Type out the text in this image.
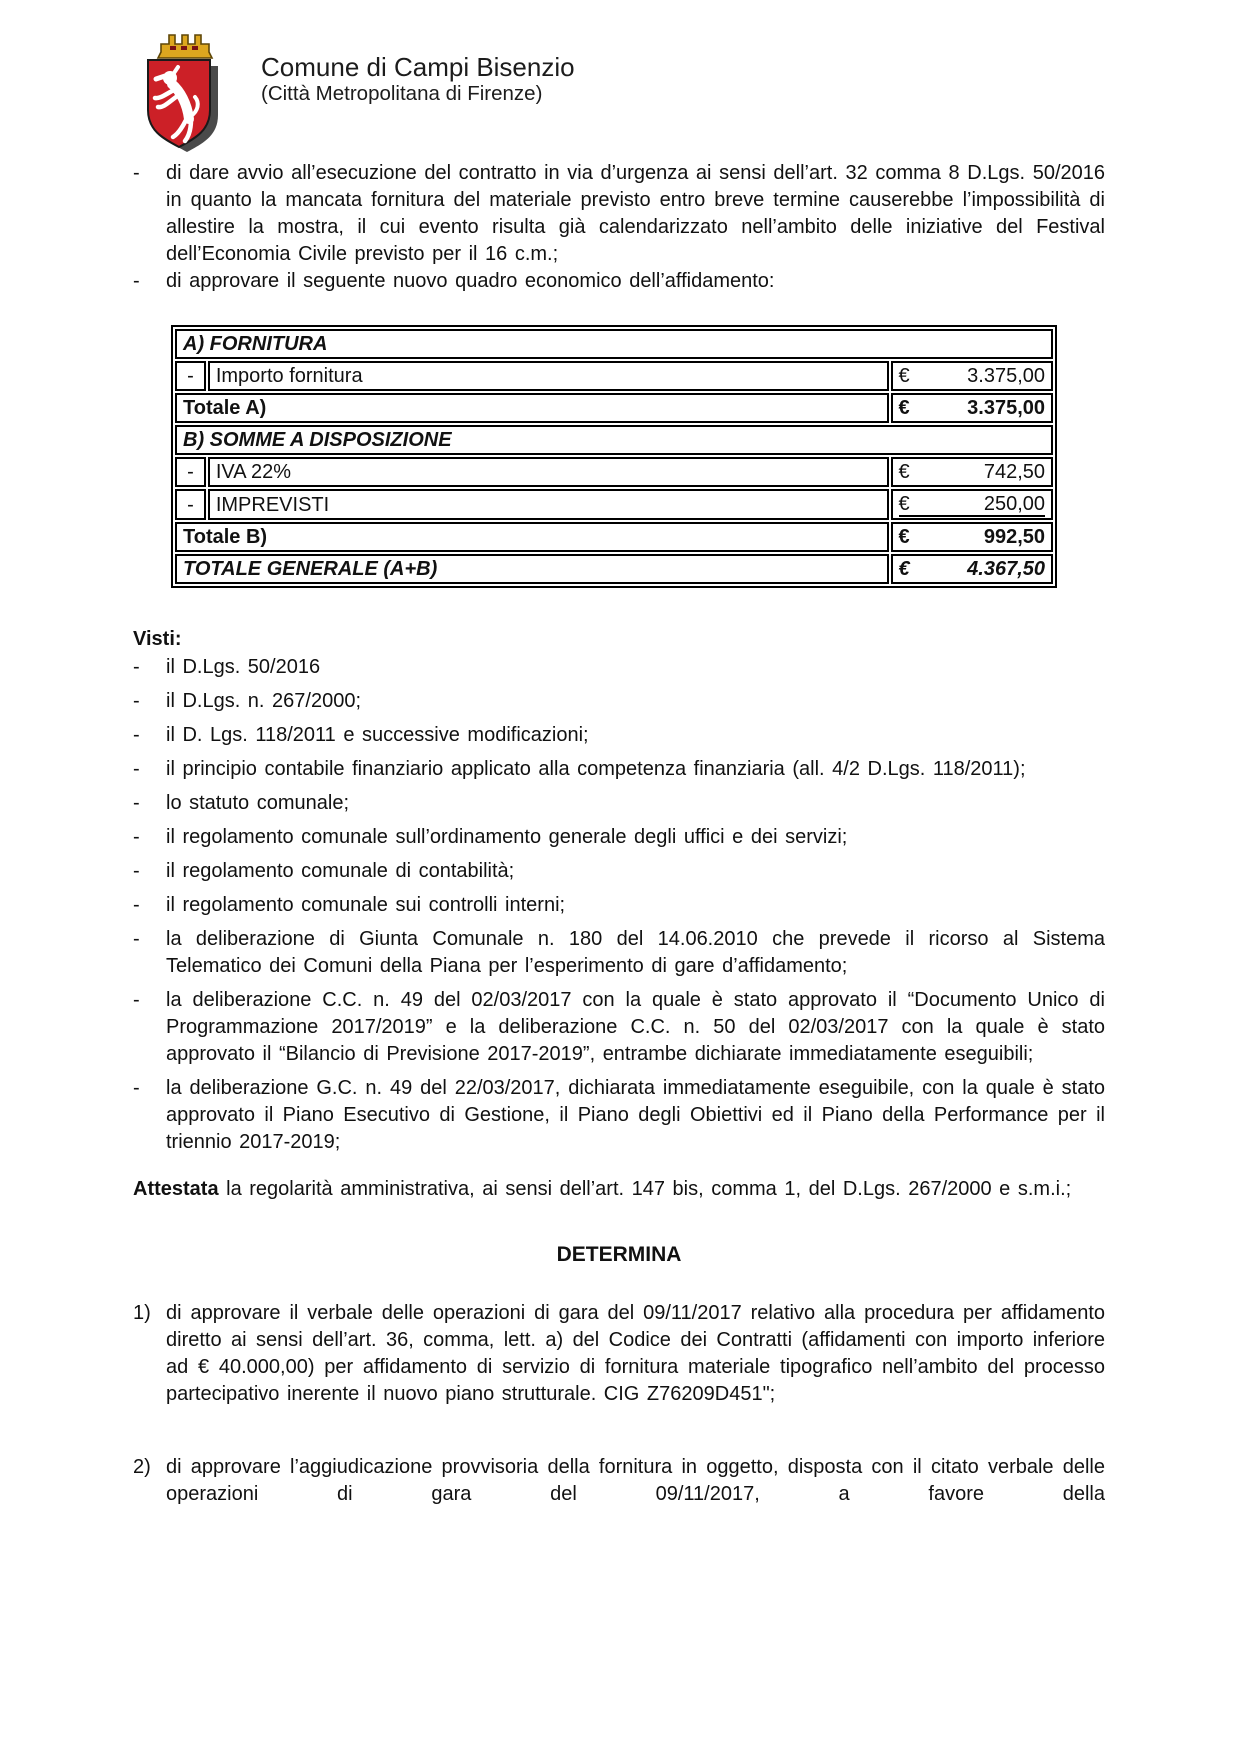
Comune di Campi Bisenzio
(Città Metropolitana di Firenze)
- di dare avvio all’esecuzione del contratto in via d’urgenza ai sensi dell’art. 32 comma 8 D.Lgs. 50/2016 in quanto la mancata fornitura del materiale previsto entro breve termine causerebbe l’impossibilità di allestire la mostra, il cui evento risulta già calendarizzato nell’ambito delle iniziative del Festival dell’Economia Civile previsto per il 16 c.m.;
- di approvare il seguente nuovo quadro economico dell’affidamento:
A) FORNITURA		
-	Importo fornitura	€ 3.375,00

Totale A)		€ 3.375,00

B) SOMME A DISPOSIZIONE		
-	IVA 22%	€ 742,50

-	IMPREVISTI	€ 250,00

Totale B)		€ 992,50

TOTALE GENERALE (A+B)		€ 4.367,50

Visti:

- il D.Lgs. 50/2016
- il D.Lgs. n. 267/2000;
- il D. Lgs. 118/2011 e successive modificazioni;
- il principio contabile finanziario applicato alla competenza finanziaria (all. 4/2 D.Lgs. 118/2011);
- lo statuto comunale;
- il regolamento comunale sull’ordinamento generale degli uffici e dei servizi;
- il regolamento comunale di contabilità;
- il regolamento comunale sui controlli interni;
- la deliberazione di Giunta Comunale n. 180 del 14.06.2010 che prevede il ricorso al Sistema Telematico dei Comuni della Piana per l’esperimento di gare d’affidamento;
- la deliberazione C.C. n. 49 del 02/03/2017 con la quale è stato approvato il “Documento Unico di Programmazione 2017/2019” e la deliberazione C.C. n. 50 del 02/03/2017 con la quale è stato approvato il “Bilancio di Previsione 2017-2019”, entrambe dichiarate immediatamente eseguibili;
- la deliberazione G.C. n. 49 del 22/03/2017, dichiarata immediatamente eseguibile, con la quale è stato approvato il Piano Esecutivo di Gestione, il Piano degli Obiettivi ed il Piano della Performance per il triennio 2017-2019;

Attestata la regolarità amministrativa, ai sensi dell’art. 147 bis, comma 1, del D.Lgs. 267/2000 e s.m.i.;

DETERMINA

1) di approvare il verbale delle operazioni di gara del 09/11/2017 relativo alla procedura per affidamento diretto ai sensi dell’art. 36, comma, lett. a) del Codice dei Contratti (affidamenti con importo inferiore ad € 40.000,00) per affidamento di servizio di fornitura materiale tipografico nell’ambito del processo partecipativo inerente il nuovo piano strutturale. CIG Z76209D451";
2) di approvare l’aggiudicazione provvisoria della fornitura in oggetto, disposta con il citato verbale delle operazioni di gara del 09/11/2017, a favore della
